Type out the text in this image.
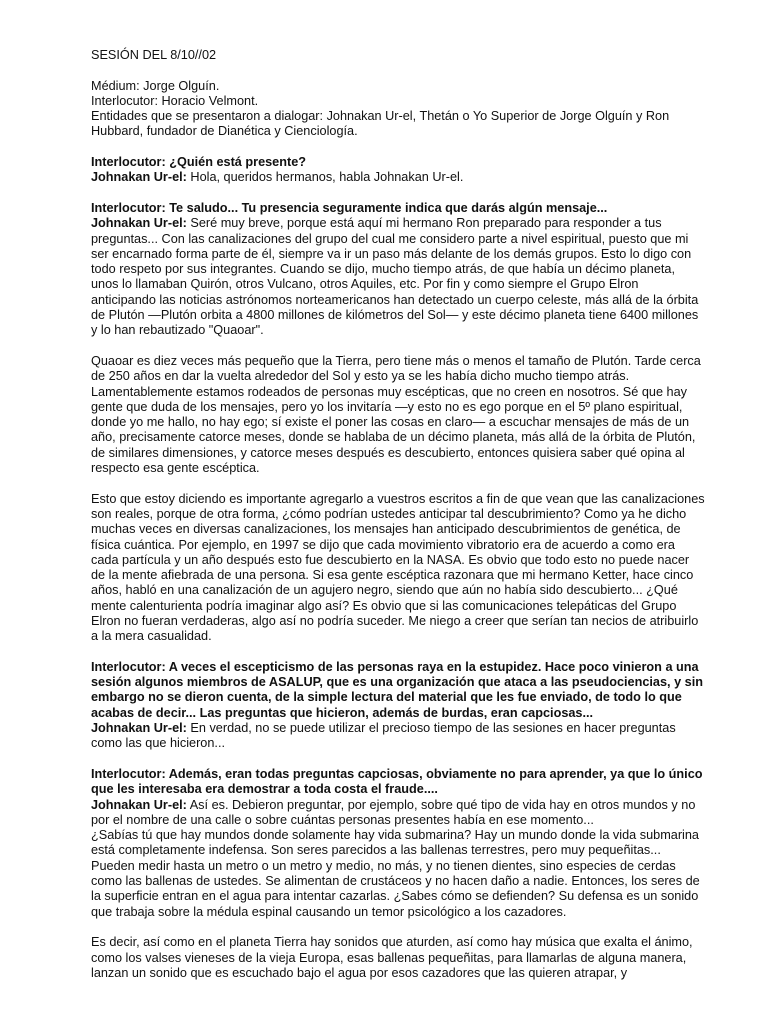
SESIÓN DEL 8/10//02

Médium: Jorge Olguín.
Interlocutor: Horacio Velmont.
Entidades que se presentaron a dialogar: Johnakan Ur-el, Thetán o Yo Superior de Jorge Olguín y Ron Hubbard, fundador de Dianética y Cienciología.

Interlocutor: ¿Quién está presente?

Johnakan Ur-el: Hola, queridos hermanos, habla Johnakan Ur-el.

Interlocutor: Te saludo... Tu presencia seguramente indica que darás algún mensaje...

Johnakan Ur-el: Seré muy breve, porque está aquí mi hermano Ron preparado para responder a tus preguntas... Con las canalizaciones del grupo del cual me considero parte a nivel espiritual, puesto que mi ser encarnado forma parte de él, siempre va ir un paso más delante de los demás grupos. Esto lo digo con todo respeto por sus integrantes. Cuando se dijo, mucho tiempo atrás, de que había un décimo planeta, unos lo llamaban Quirón, otros Vulcano, otros Aquiles, etc. Por fin y como siempre el Grupo Elron anticipando las noticias astrónomos norteamericanos han detectado un cuerpo celeste, más allá de la órbita de Plutón —Plutón orbita a 4800 millones de kilómetros del Sol— y este décimo planeta tiene 6400 millones y lo han rebautizado "Quaoar".

Quaoar es diez veces más pequeño que la Tierra, pero tiene más o menos el tamaño de Plutón. Tarde cerca de 250 años en dar la vuelta alrededor del Sol y esto ya se les había dicho mucho tiempo atrás. Lamentablemente estamos rodeados de personas muy escépticas, que no creen en nosotros. Sé que hay gente que duda de los mensajes, pero yo los invitaría —y esto no es ego porque en el 5º plano espiritual, donde yo me hallo, no hay ego; sí existe el poner las cosas en claro— a escuchar mensajes de más de un año, precisamente catorce meses, donde se hablaba de un décimo planeta, más allá de la órbita de Plutón, de similares dimensiones, y catorce meses después es descubierto, entonces quisiera saber qué opina al respecto esa gente escéptica.

Esto que estoy diciendo es importante agregarlo a vuestros escritos a fin de que vean que las canalizaciones son reales, porque de otra forma, ¿cómo podrían ustedes anticipar tal descubrimiento? Como ya he dicho muchas veces en diversas canalizaciones, los mensajes han anticipado descubrimientos de genética, de física cuántica. Por ejemplo, en 1997 se dijo que cada movimiento vibratorio era de acuerdo a como era cada partícula y un año después esto fue descubierto en la NASA. Es obvio que todo esto no puede nacer de la mente afiebrada de una persona. Si esa gente escéptica razonara que mi hermano Ketter, hace cinco años, habló en una canalización de un agujero negro, siendo que aún no había sido descubierto... ¿Qué mente calenturienta podría imaginar algo así? Es obvio que si las comunicaciones telepáticas del Grupo Elron no fueran verdaderas, algo así no podría suceder. Me niego a creer que serían tan necios de atribuirlo a la mera casualidad.

Interlocutor: A veces el escepticismo de las personas raya en la estupidez. Hace poco vinieron a una sesión algunos miembros de ASALUP, que es una organización que ataca a las pseudociencias, y sin embargo no se dieron cuenta, de la simple lectura del material que les fue enviado, de todo lo que acabas de decir... Las preguntas que hicieron, además de burdas, eran capciosas...

Johnakan Ur-el: En verdad, no se puede utilizar el precioso tiempo de las sesiones en hacer preguntas como las que hicieron...

Interlocutor: Además, eran todas preguntas capciosas, obviamente no para aprender, ya que lo único que les interesaba era demostrar a toda costa el fraude....

Johnakan Ur-el: Así es. Debieron preguntar, por ejemplo, sobre qué tipo de vida hay en otros mundos y no por el nombre de una calle o sobre cuántas personas presentes había en ese momento...

¿Sabías tú que hay mundos donde solamente hay vida submarina? Hay un mundo donde la vida submarina está completamente indefensa. Son seres parecidos a las ballenas terrestres, pero muy pequeñitas... Pueden medir hasta un metro o un metro y medio, no más, y no tienen dientes, sino especies de cerdas como las ballenas de ustedes. Se alimentan de crustáceos y no hacen daño a nadie. Entonces, los seres de la superficie entran en el agua para intentar cazarlas. ¿Sabes cómo se defienden? Su defensa es un sonido que trabaja sobre la médula espinal causando un temor psicológico a los cazadores.

Es decir, así como en el planeta Tierra hay sonidos que aturden, así como hay música que exalta el ánimo, como los valses vieneses de la vieja Europa, esas ballenas pequeñitas, para llamarlas de alguna manera, lanzan un sonido que es escuchado bajo el agua por esos cazadores que las quieren atrapar, y
